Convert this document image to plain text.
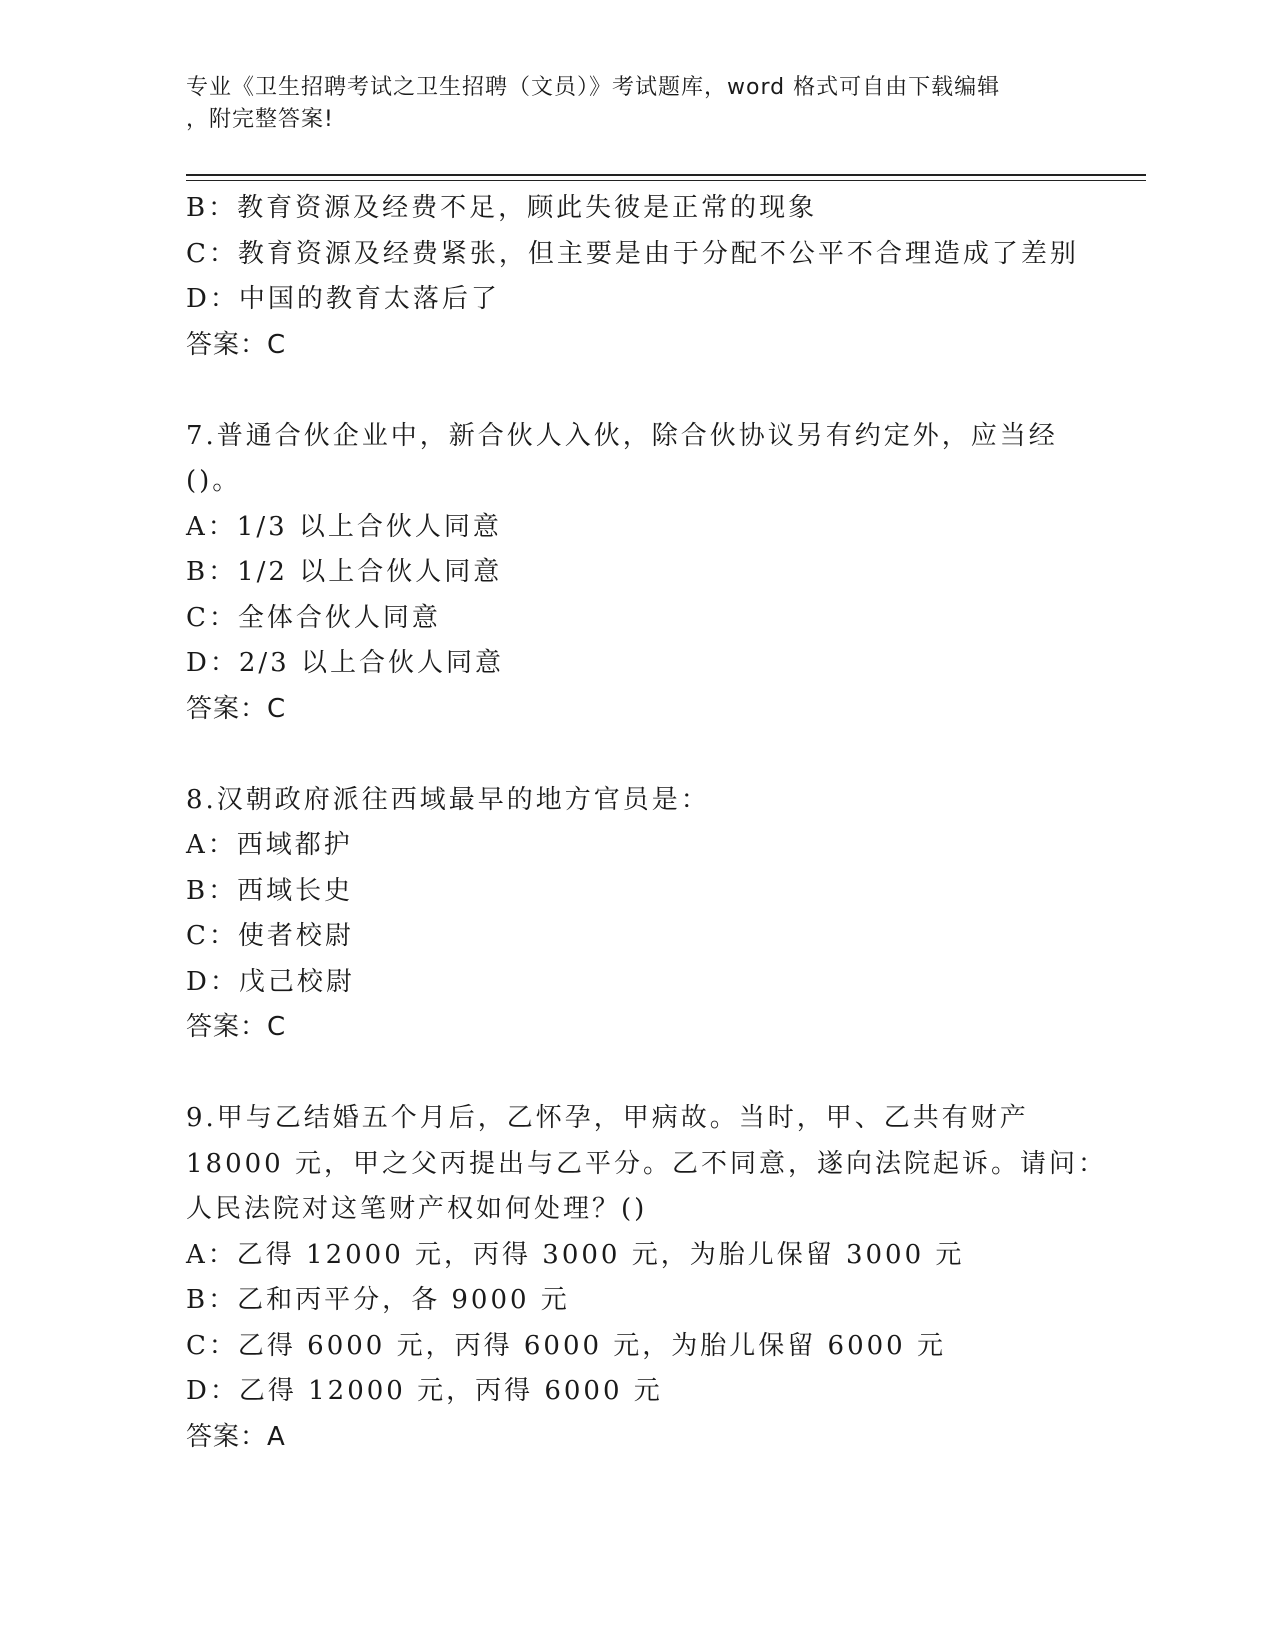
专业《卫生招聘考试之卫生招聘（文员）》考试题库，word 格式可自由下载编辑
，附完整答案!
B：教育资源及经费不足，顾此失彼是正常的现象
C：教育资源及经费紧张，但主要是由于分配不公平不合理造成了差别
D：中国的教育太落后了
答案：C
7.普通合伙企业中，新合伙人入伙，除合伙协议另有约定外，应当经
()。
A：1/3 以上合伙人同意
B：1/2 以上合伙人同意
C：全体合伙人同意
D：2/3 以上合伙人同意
答案：C
8.汉朝政府派往西域最早的地方官员是：
A：西域都护
B：西域长史
C：使者校尉
D：戊己校尉
答案：C
9.甲与乙结婚五个月后，乙怀孕，甲病故。当时，甲、乙共有财产
18000 元，甲之父丙提出与乙平分。乙不同意，遂向法院起诉。请问：
人民法院对这笔财产权如何处理？()
A：乙得 12000 元，丙得 3000 元，为胎儿保留 3000 元
B：乙和丙平分，各 9000 元
C：乙得 6000 元，丙得 6000 元，为胎儿保留 6000 元
D：乙得 12000 元，丙得 6000 元
答案：A
